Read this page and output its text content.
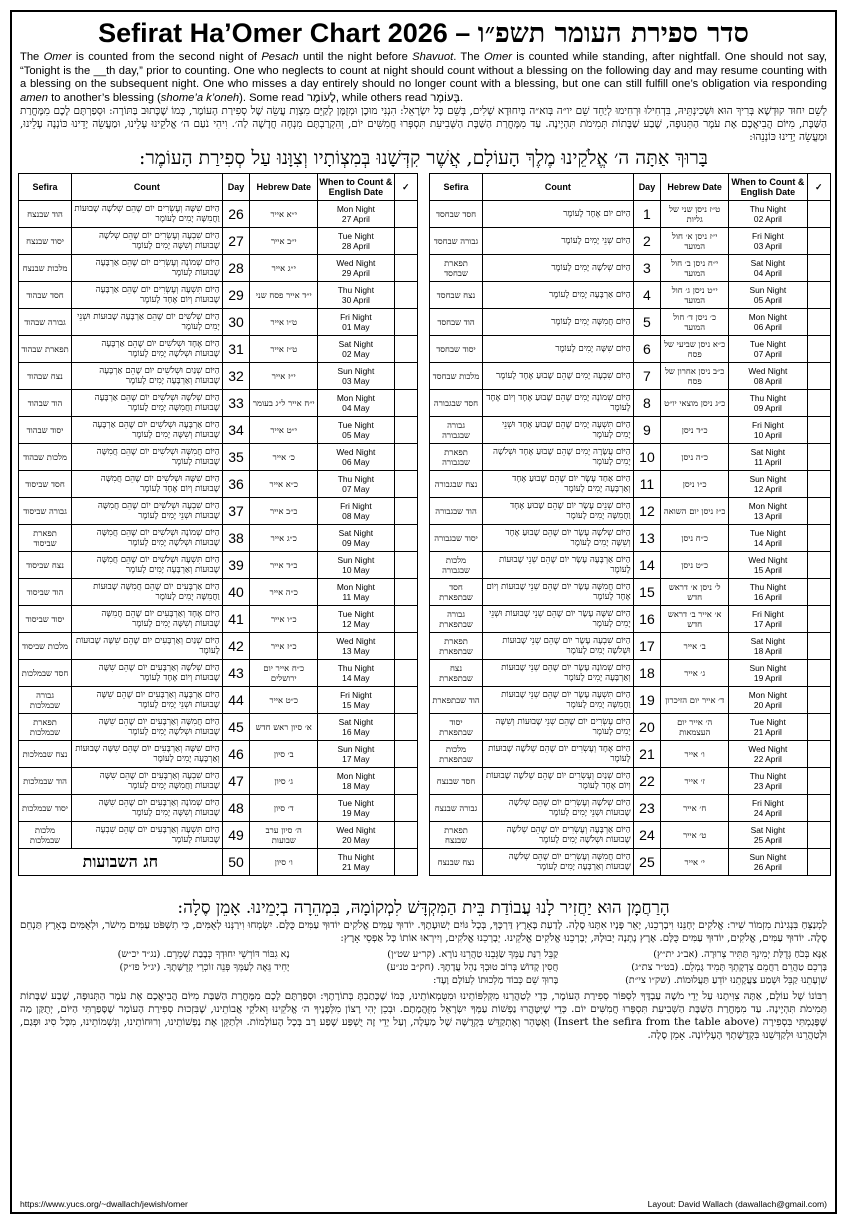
Sefirat Ha’Omer Chart 2026 – סדר ספירת העומר תשפ״ו
The Omer is counted from the second night of Pesach until the night before Shavuot. The Omer is counted while standing, after nightfall. One should not say, “Tonight is the __th day,” prior to counting. One who neglects to count at night should count without a blessing on the following day and may resume counting with a blessing on the subsequent night. One who misses a day entirely should no longer count with a blessing, but one can still fulfill one’s obligation via responding amen to another’s blessing (shome’a k’oneh). Some read לָעוֹמֶר, while others read בָּעוֹמֶר.
לְשֵׁם יִחוּד קוּדְשָׁא בְּרִיךְ הוּא וּשְׁכִינְתֵּיהּ, בִּדְחִילוּ וּרְחִימוּ לְיַחֵד שֵׁם יו״ה בְּוא״ה בְּיִחוּדָא שְׁלִים, בְּשֵׁם כָּל יִשְׂרָאֵל: הִנְנִי מוּכָן וּמְזֻמָּן לְקַיֵּם מִצְוַת עֲשֵׂה שֶׁל סְפִירַת הָעוֹמֶר, כְּמוֹ שֶׁכָּתוּב בַּתּוֹרָה: וּסְפַרְתֶּם לָכֶם מִמָּחֳרַת הַשַּׁבָּת, מִיּוֹם הֲבִיאֲכֶם אֶת עֹמֶר הַתְּנוּפָה, שֶׁבַע שַׁבָּתוֹת תְּמִימֹת תִּהְיֶינָה. עַד מִמָּחֳרַת הַשַּׁבָּת הַשְּׁבִיעִת תִּסְפְּרוּ חֲמִשִּׁים יוֹם, וְהִקְרַבְתֶּם מִנְחָה חֲדָשָׁה לַה׳. וִיהִי נֹעַם ה׳ אֱלֹקֵינוּ עָלֵינוּ, וּמַעֲשֵׂה יָדֵינוּ כּוֹנְנָה עָלֵינוּ, וּמַעֲשֵׂה יָדֵינוּ כּוֹנְנֵהוּ:
בָּרוּךְ אַתָּה ה׳ אֱלֹקֵינוּ מֶלֶךְ הָעוֹלָם, אֲשֶׁר קִדְּשָׁנוּ בְּמִצְוֹתָיו וְצִוָּנוּ עַל סְפִירַת הָעוֹמֶר:
Sefira	Count	Day	Hebrew Date	When to Count & English Date	✓
הוד שבנצח	הַיּוֹם שִׁשָּׁה וְעֶשְׂרִים יוֹם שֶׁהֵם שְׁלֹשָׁה שָׁבוּעוֹת וַחֲמִשָּׁה יָמִים לָעוֹמֶר	26	י״א אייר	Mon Night
27 April	

יסוד שבנצח	הַיּוֹם שִׁבְעָה וְעֶשְׂרִים יוֹם שֶׁהֵם שְׁלֹשָׁה שָׁבוּעוֹת וְשִׁשָּׁה יָמִים לָעוֹמֶר	27	י״ב אייר	Tue Night
28 April	

מלכות שבנצח	הַיּוֹם שְׁמוֹנָה וְעֶשְׂרִים יוֹם שֶׁהֵם אַרְבָּעָה שָׁבוּעוֹת לָעוֹמֶר	28	י״ג אייר	Wed Night
29 April	

חסד שבהוד	הַיּוֹם תִּשְׁעָה וְעֶשְׂרִים יוֹם שֶׁהֵם אַרְבָּעָה שָׁבוּעוֹת וְיוֹם אֶחָד לָעוֹמֶר	29	י״ד אייר פסח שני	Thu Night
30 April	

גבורה שבהוד	הַיּוֹם שְׁלֹשִׁים יוֹם שֶׁהֵם אַרְבָּעָה שָׁבוּעוֹת וּשְׁנֵי יָמִים לָעוֹמֶר	30	ט״ו אייר	Fri Night
01 May	

תפארת שבהוד	הַיּוֹם אֶחָד וּשְׁלֹשִׁים יוֹם שֶׁהֵם אַרְבָּעָה שָׁבוּעוֹת וּשְׁלֹשָׁה יָמִים לָעוֹמֶר	31	ט״ז אייר	Sat Night
02 May	

נצח שבהוד	הַיּוֹם שְׁנַיִם וּשְׁלֹשִׁים יוֹם שֶׁהֵם אַרְבָּעָה שָׁבוּעוֹת וְאַרְבָּעָה יָמִים לָעוֹמֶר	32	י״ז אייר	Sun Night
03 May	

הוד שבהוד	הַיּוֹם שְׁלֹשָׁה וּשְׁלֹשִׁים יוֹם שֶׁהֵם אַרְבָּעָה שָׁבוּעוֹת וַחֲמִשָּׁה יָמִים לָעוֹמֶר	33	י״ח אייר ל״ג בעומר	Mon Night
04 May	

יסוד שבהוד	הַיּוֹם אַרְבָּעָה וּשְׁלֹשִׁים יוֹם שֶׁהֵם אַרְבָּעָה שָׁבוּעוֹת וְשִׁשָּׁה יָמִים לָעוֹמֶר	34	י״ט אייר	Tue Night
05 May	

מלכות שבהוד	הַיּוֹם חֲמִשָּׁה וּשְׁלֹשִׁים יוֹם שֶׁהֵם חֲמִשָּׁה שָׁבוּעוֹת לָעוֹמֶר	35	כ׳ אייר	Wed Night
06 May	

חסד שביסוד	הַיּוֹם שִׁשָּׁה וּשְׁלֹשִׁים יוֹם שֶׁהֵם חֲמִשָּׁה שָׁבוּעוֹת וְיוֹם אֶחָד לָעוֹמֶר	36	כ״א אייר	Thu Night
07 May	

גבורה שביסוד	הַיּוֹם שִׁבְעָה וּשְׁלֹשִׁים יוֹם שֶׁהֵם חֲמִשָּׁה שָׁבוּעוֹת וּשְׁנֵי יָמִים לָעוֹמֶר	37	כ״ב אייר	Fri Night
08 May	

תפארת שביסוד	הַיּוֹם שְׁמוֹנָה וּשְׁלֹשִׁים יוֹם שֶׁהֵם חֲמִשָּׁה שָׁבוּעוֹת וּשְׁלֹשָׁה יָמִים לָעוֹמֶר	38	כ״ג אייר	Sat Night
09 May	

נצח שביסוד	הַיּוֹם תִּשְׁעָה וּשְׁלֹשִׁים יוֹם שֶׁהֵם חֲמִשָּׁה שָׁבוּעוֹת וְאַרְבָּעָה יָמִים לָעוֹמֶר	39	כ״ד אייר	Sun Night
10 May	

הוד שביסוד	הַיּוֹם אַרְבָּעִים יוֹם שֶׁהֵם חֲמִשָּׁה שָׁבוּעוֹת וַחֲמִשָּׁה יָמִים לָעוֹמֶר	40	כ״ה אייר	Mon Night
11 May	

יסוד שביסוד	הַיּוֹם אֶחָד וְאַרְבָּעִים יוֹם שֶׁהֵם חֲמִשָּׁה שָׁבוּעוֹת וְשִׁשָּׁה יָמִים לָעוֹמֶר	41	כ״ו אייר	Tue Night
12 May	

מלכות שביסוד	הַיּוֹם שְׁנַיִם וְאַרְבָּעִים יוֹם שֶׁהֵם שִׁשָּׁה שָׁבוּעוֹת לָעוֹמֶר	42	כ״ז אייר	Wed Night
13 May	

חסד שבמלכות	הַיּוֹם שְׁלֹשָׁה וְאַרְבָּעִים יוֹם שֶׁהֵם שִׁשָּׁה שָׁבוּעוֹת וְיוֹם אֶחָד לָעוֹמֶר	43	כ״ח אייר יום ירושלים	Thu Night
14 May	

גבורה שבמלכות	הַיּוֹם אַרְבָּעָה וְאַרְבָּעִים יוֹם שֶׁהֵם שִׁשָּׁה שָׁבוּעוֹת וּשְׁנֵי יָמִים לָעוֹמֶר	44	כ״ט אייר	Fri Night
15 May	

תפארת שבמלכות	הַיּוֹם חֲמִשָּׁה וְאַרְבָּעִים יוֹם שֶׁהֵם שִׁשָּׁה שָׁבוּעוֹת וּשְׁלֹשָׁה יָמִים לָעוֹמֶר	45	א׳ סיון ראש חדש	Sat Night
16 May	

נצח שבמלכות	הַיּוֹם שִׁשָּׁה וְאַרְבָּעִים יוֹם שֶׁהֵם שִׁשָּׁה שָׁבוּעוֹת וְאַרְבָּעָה יָמִים לָעוֹמֶר	46	ב׳ סיון	Sun Night
17 May	

הוד שבמלכות	הַיּוֹם שִׁבְעָה וְאַרְבָּעִים יוֹם שֶׁהֵם שִׁשָּׁה שָׁבוּעוֹת וַחֲמִשָּׁה יָמִים לָעוֹמֶר	47	ג׳ סיון	Mon Night
18 May	

יסוד שבמלכות	הַיּוֹם שְׁמוֹנָה וְאַרְבָּעִים יוֹם שֶׁהֵם שִׁשָּׁה שָׁבוּעוֹת וְשִׁשָּׁה יָמִים לָעוֹמֶר	48	ד׳ סיון	Tue Night
19 May	

מלכות שבמלכות	הַיּוֹם תִּשְׁעָה וְאַרְבָּעִים יוֹם שֶׁהֵם שִׁבְעָה שָׁבוּעוֹת לָעוֹמֶר	49	ה׳ סיון ערב שבועות	Wed Night
20 May	

חג השבועות		50	ו׳ סיון	Thu Night
21 May	

Sefira	Count	Day	Hebrew Date	When to Count & English Date	✓
חסד שבחסד	הַיּוֹם יוֹם אֶחָד לָעוֹמֶר	1	ט״ז ניסן שני של גליות	Thu Night
02 April	

גבורה שבחסד	הַיּוֹם שְׁנֵי יָמִים לָעוֹמֶר	2	י״ז ניסן א׳ חול המועד	Fri Night
03 April	

תפארת שבחסד	הַיּוֹם שְׁלֹשָׁה יָמִים לָעוֹמֶר	3	י״ח ניסן ב׳ חול המועד	Sat Night
04 April	

נצח שבחסד	הַיּוֹם אַרְבָּעָה יָמִים לָעוֹמֶר	4	י״ט ניסן ג׳ חול המועד	Sun Night
05 April	

הוד שבחסד	הַיּוֹם חֲמִשָּׁה יָמִים לָעוֹמֶר	5	כ׳ ניסן ד׳ חול המועד	Mon Night
06 April	

יסוד שבחסד	הַיּוֹם שִׁשָּׁה יָמִים לָעוֹמֶר	6	כ״א ניסן שביעי של פסח	Tue Night
07 April	

מלכות שבחסד	הַיּוֹם שִׁבְעָה יָמִים שֶׁהֵם שָׁבוּעַ אֶחָד לָעוֹמֶר	7	כ״ב ניסן אחרון של פסח	Wed Night
08 April	

חסד שבגבורה	הַיּוֹם שְׁמוֹנָה יָמִים שֶׁהֵם שָׁבוּעַ אֶחָד וְיוֹם אֶחָד לָעוֹמֶר	8	כ״ג ניסן מוצאי יו״ט	Thu Night
09 April	

גבורה שבגבורה	הַיּוֹם תִּשְׁעָה יָמִים שֶׁהֵם שָׁבוּעַ אֶחָד וּשְׁנֵי יָמִים לָעוֹמֶר	9	כ״ד ניסן	Fri Night
10 April	

תפארת שבגבורה	הַיּוֹם עֲשָׂרָה יָמִים שֶׁהֵם שָׁבוּעַ אֶחָד וּשְׁלֹשָׁה יָמִים לָעוֹמֶר	10	כ״ה ניסן	Sat Night
11 April	

נצח שבגבורה	הַיּוֹם אַחַד עָשָׂר יוֹם שֶׁהֵם שָׁבוּעַ אֶחָד וְאַרְבָּעָה יָמִים לָעוֹמֶר	11	כ״ו ניסן	Sun Night
12 April	

הוד שבגבורה	הַיּוֹם שְׁנֵים עָשָׂר יוֹם שֶׁהֵם שָׁבוּעַ אֶחָד וַחֲמִשָּׁה יָמִים לָעוֹמֶר	12	כ״ז ניסן יום השואה	Mon Night
13 April	

יסוד שבגבורה	הַיּוֹם שְׁלֹשָׁה עָשָׂר יוֹם שֶׁהֵם שָׁבוּעַ אֶחָד וְשִׁשָּׁה יָמִים לָעוֹמֶר	13	כ״ח ניסן	Tue Night
14 April	

מלכות שבגבורה	הַיּוֹם אַרְבָּעָה עָשָׂר יוֹם שֶׁהֵם שְׁנֵי שָׁבוּעוֹת לָעוֹמֶר	14	כ״ט ניסן	Wed Night
15 April	

חסד שבתפארת	הַיּוֹם חֲמִשָּׁה עָשָׂר יוֹם שֶׁהֵם שְׁנֵי שָׁבוּעוֹת וְיוֹם אֶחָד לָעוֹמֶר	15	ל׳ ניסן א׳ דראש חדש	Thu Night
16 April	

גבורה שבתפארת	הַיּוֹם שִׁשָּׁה עָשָׂר יוֹם שֶׁהֵם שְׁנֵי שָׁבוּעוֹת וּשְׁנֵי יָמִים לָעוֹמֶר	16	א׳ אייר ב׳ דראש חדש	Fri Night
17 April	

תפארת שבתפארת	הַיּוֹם שִׁבְעָה עָשָׂר יוֹם שֶׁהֵם שְׁנֵי שָׁבוּעוֹת וּשְׁלֹשָׁה יָמִים לָעוֹמֶר	17	ב׳ אייר	Sat Night
18 April	

נצח שבתפארת	הַיּוֹם שְׁמוֹנָה עָשָׂר יוֹם שֶׁהֵם שְׁנֵי שָׁבוּעוֹת וְאַרְבָּעָה יָמִים לָעוֹמֶר	18	ג׳ אייר	Sun Night
19 April	

הוד שבתפארת	הַיּוֹם תִּשְׁעָה עָשָׂר יוֹם שֶׁהֵם שְׁנֵי שָׁבוּעוֹת וַחֲמִשָּׁה יָמִים לָעוֹמֶר	19	ד׳ אייר יום הזיכרון	Mon Night
20 April	

יסוד שבתפארת	הַיּוֹם עֶשְׂרִים יוֹם שֶׁהֵם שְׁנֵי שָׁבוּעוֹת וְשִׁשָּׁה יָמִים לָעוֹמֶר	20	ה׳ אייר יום העצמאות	Tue Night
21 April	

מלכות שבתפארת	הַיּוֹם אֶחָד וְעֶשְׂרִים יוֹם שֶׁהֵם שְׁלֹשָׁה שָׁבוּעוֹת לָעוֹמֶר	21	ו׳ אייר	Wed Night
22 April	

חסד שבנצח	הַיּוֹם שְׁנַיִם וְעֶשְׂרִים יוֹם שֶׁהֵם שְׁלֹשָׁה שָׁבוּעוֹת וְיוֹם אֶחָד לָעוֹמֶר	22	ז׳ אייר	Thu Night
23 April	

גבורה שבנצח	הַיּוֹם שְׁלֹשָׁה וְעֶשְׂרִים יוֹם שֶׁהֵם שְׁלֹשָׁה שָׁבוּעוֹת וּשְׁנֵי יָמִים לָעוֹמֶר	23	ח׳ אייר	Fri Night
24 April	

תפארת שבנצח	הַיּוֹם אַרְבָּעָה וְעֶשְׂרִים יוֹם שֶׁהֵם שְׁלֹשָׁה שָׁבוּעוֹת וּשְׁלֹשָׁה יָמִים לָעוֹמֶר	24	ט׳ אייר	Sat Night
25 April	

נצח שבנצח	הַיּוֹם חֲמִשָּׁה וְעֶשְׂרִים יוֹם שֶׁהֵם שְׁלֹשָׁה שָׁבוּעוֹת וְאַרְבָּעָה יָמִים לָעוֹמֶר	25	י׳ אייר	Sun Night
26 April	

הָרַחֲמָן הוּא יַחֲזִיר לָנוּ עֲבוֹדַת בֵּית הַמִּקְדָּשׁ לִמְקוֹמָהּ, בִּמְהֵרָה בְיָמֵינוּ. אָמֵן סֶלָה:
לַמְנַצֵּחַ בִּנְגִינֹת מִזְמוֹר שִׁיר: אֱלֹקִים יְחָנֵּנוּ וִיבָרְכֵנוּ, יָאֵר פָּנָיו אִתָּנוּ סֶלָה. לָדַעַת בָּאָרֶץ דַּרְכֶּךָ, בְּכָל גּוֹיִם יְשׁוּעָתֶךָ. יוֹדוּךָ עַמִּים אֱלֹקִים יוֹדוּךָ עַמִּים כֻּלָּם. יִשְׂמְחוּ וִירַנְּנוּ לְאֻמִּים, כִּי תִשְׁפֹּט עַמִּים מִישֹׁר, וּלְאֻמִּים בָּאָרֶץ תַּנְחֵם סֶלָה. יוֹדוּךָ עַמִּים, אֱלֹקִים, יוֹדוּךָ עַמִּים כֻּלָּם. אֶרֶץ נָתְנָה יְבוּלָהּ, יְבָרְכֵנוּ אֱלֹקִים אֱלֹקֵינוּ. יְבָרְכֵנוּ אֱלֹקִים, וְיִירְאוּ אוֹתוֹ כָּל אַפְסֵי אָרֶץ:
אָנָּא בְּכֹחַ גְּדֻלַּת יְמִינְךָ תַּתִּיר צְרוּרָה. (אב״ג ית״ץ)
קַבֵּל רִנַּת עַמְּךָ שַׂגְּבֵנוּ טַהֲרֵנוּ נוֹרָא. (קר״ע שט״ן)
נָא גִבּוֹר דּוֹרְשֵׁי יִחוּדְךָ כְּבָבַת שָׁמְרֵם. (נג״ד יכ״ש)
בָּרְכֵם טַהֲרֵם רַחֲמֵם צִדְקָתְךָ תָּמִיד גָּמְלֵם. (בט״ר צת״ג)
חֲסִין קָדוֹשׁ בְּרוֹב טוּבְךָ נַהֵל עֲדָתֶךָ. (חק״ב טנ״ע)
יָחִיד גֵּאֶה לְעַמְּךָ פְּנֵה זוֹכְרֵי קְדֻשָּׁתֶךָ. (יג״ל פז״ק)
שַׁוְעָתֵנוּ קַבֵּל וּשְׁמַע צַעֲקָתֵנוּ יוֹדֵעַ תַּעֲלוּמוֹת. (שק״ו צי״ת)
בָּרוּךְ שֵׁם כְּבוֹד מַלְכוּתוֹ לְעוֹלָם וָעֶד:
רִבּוֹנוֹ שֶׁל עוֹלָם, אַתָּה צִוִּיתָנוּ עַל יְדֵי מֹשֶׁה עַבְדֶּךָ לִסְפּוֹר סְפִירַת הָעוֹמֶר, כְּדֵי לְטַהֲרֵנוּ מִקְּלִפּוֹתֵינוּ וּמִטֻּמְאוֹתֵינוּ, כְּמוֹ שֶׁכָּתַבְתָּ בְּתוֹרָתֶךָ: וּסְפַרְתֶּם לָכֶם מִמָּחֳרַת הַשַּׁבָּת מִיּוֹם הֲבִיאֲכֶם אֶת עֹמֶר הַתְּנוּפָה, שֶׁבַע שַׁבָּתוֹת תְּמִימֹת תִּהְיֶינָה. עַד מִמָּחֳרַת הַשַּׁבָּת הַשְּׁבִיעִת תִּסְפְּרוּ חֲמִשִּׁים יוֹם. כְּדֵי שֶׁיִּטָּהֲרוּ נַפְשׁוֹת עַמְּךָ יִשְׂרָאֵל מִזֻּהֲמָתָם. וּבְכֵן יְהִי רָצוֹן מִלְּפָנֶיךָ ה׳ אֱלֹקֵינוּ וֵאלֹקֵי אֲבוֹתֵינוּ, שֶׁבִּזְכוּת סְפִירַת הָעוֹמֶר שֶׁסָּפַרְתִּי הַיּוֹם, יְתֻקַּן מַה שֶּׁפָּגַמְתִּי בִּסְפִירָה (Insert the sefira from the table above) וְאֶטָּהֵר וְאֶתְקַדֵּשׁ בִּקְדֻשָּׁה שֶׁל מַעְלָה, וְעַל יְדֵי זֶה יֻשְׁפַּע שֶׁפַע רַב בְּכָל הָעוֹלָמוֹת. וּלְתַקֵּן אֶת נַפְשׁוֹתֵינוּ, וְרוּחוֹתֵינוּ, וְנִשְׁמוֹתֵינוּ, מִכָּל סִיג וּפְגַם, וּלְטַהֲרֵנוּ וּלְקַדְּשֵׁנוּ בִּקְדֻשָּׁתְךָ הָעֶלְיוֹנָה. אָמֵן סֶלָה.
https://www.yucs.org/~dwallach/jewish/omer	Layout: David Wallach (dawallach@gmail.com)
